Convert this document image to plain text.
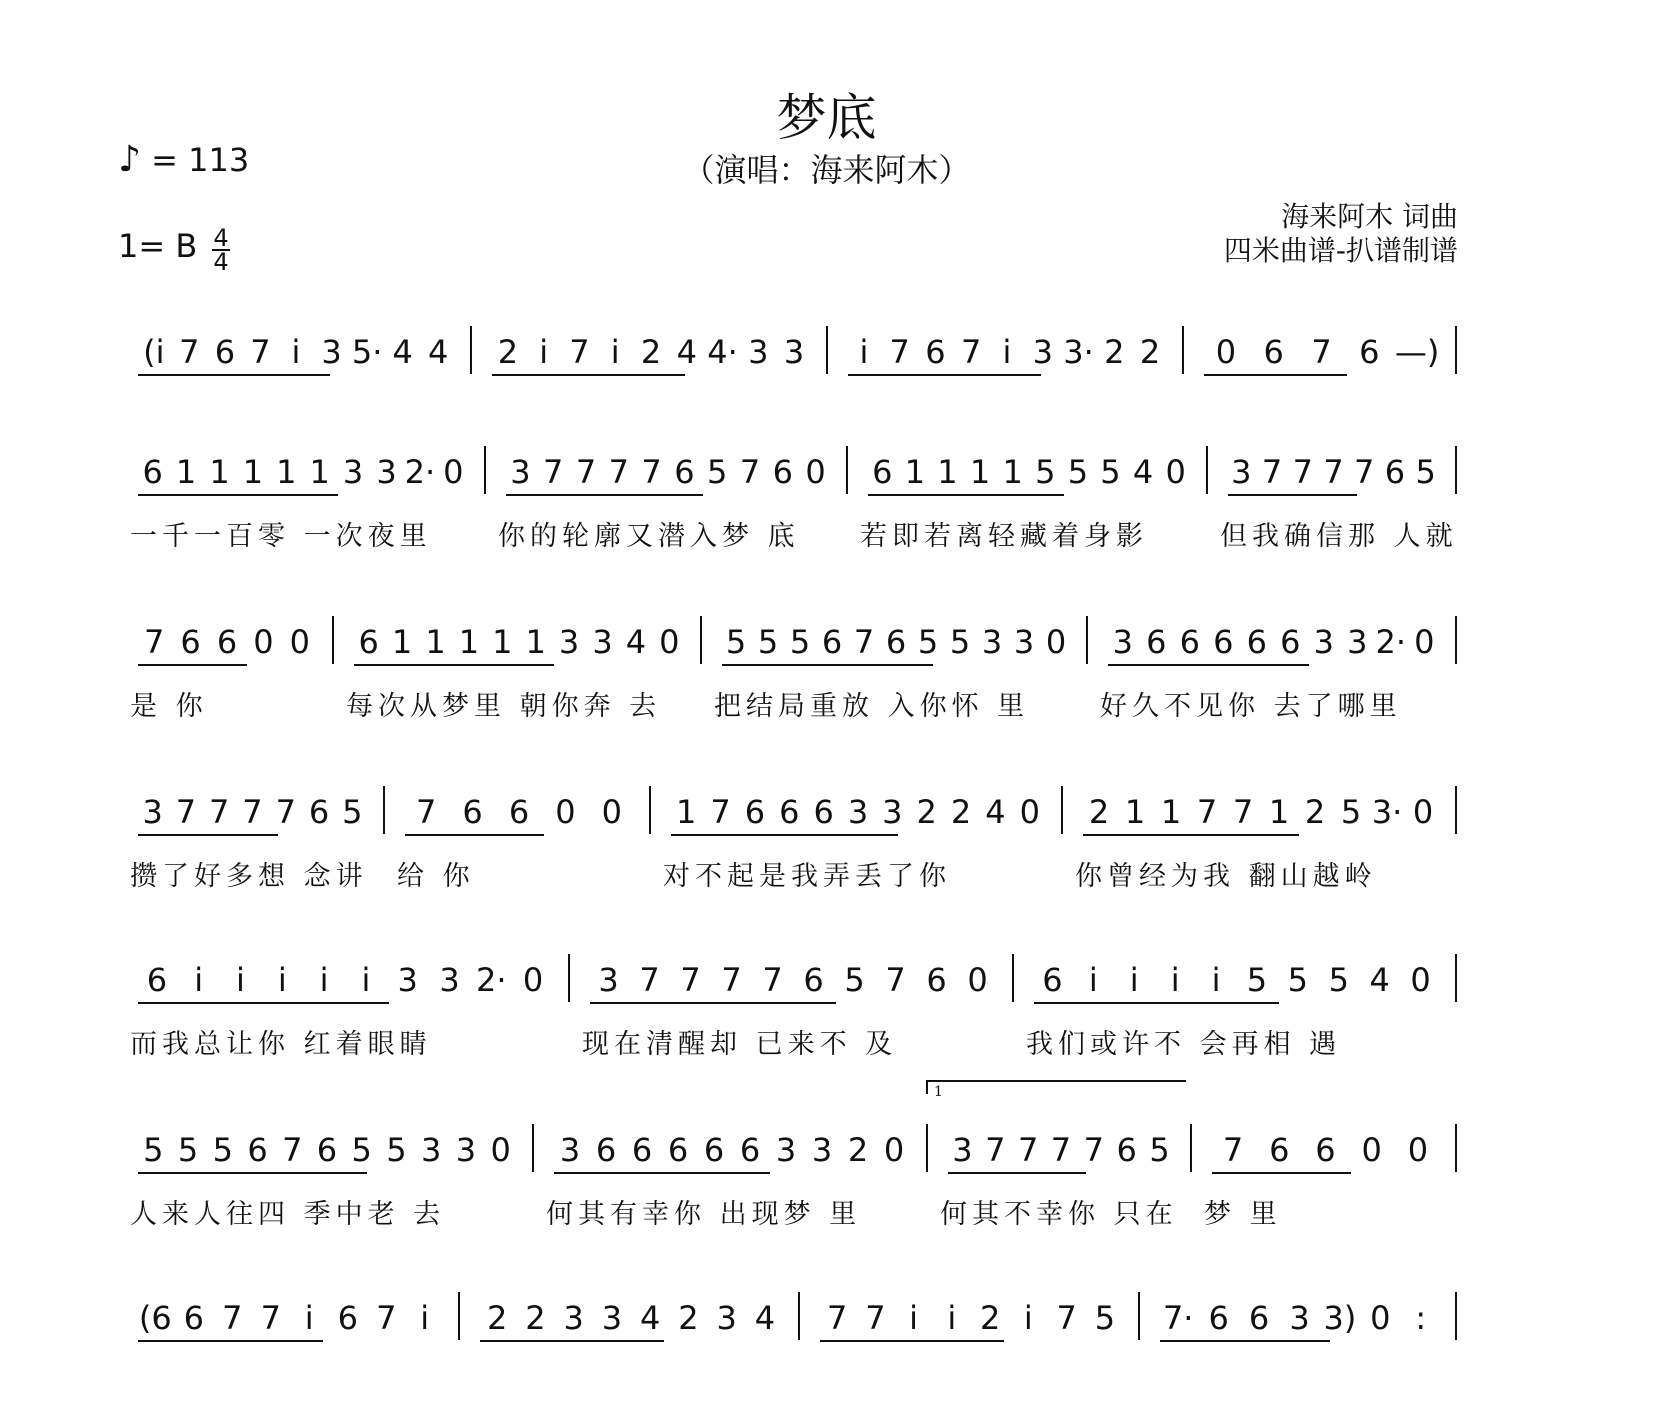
梦底
（演唱：海来阿木）
♪ = 113
1= B 4
4
海来阿木 词曲
四米曲谱-扒谱制谱
1
(i 7 6 7 i 3 5· 4 4 2 i 7 i 2 4 4· 3 3	i 7 6 7 i 3 3· 2 2	0 6 7 6 —)
6 1 1 1 1 1 3 3 2· 0
一千一百零 一次夜里
3 7 7 7 7 6 5 7 6 0
你的轮廓又潜入梦 底
6 1 1 1 1 5 5 5 4 0
若即若离轻藏着身影
3 7 7 7 7 6 5
但我确信那 人就
7 6 6 0 0
是 你
6 1 1 1 1 1 3 3 4 0
每次从梦里 朝你奔 去
5 5 5 6 7 6 5 5 3 3 0
把结局重放 入你怀 里
3 6 6 6 6 6 3 3 2· 0
好久不见你 去了哪里
3 7 7 7 7 6 5
攒了好多想 念讲
7 6 6 0 0
给 你
1 7 6 6 6 3 3 2 2 4 0
对不起是我弄丢了你
2 1 1 7 7 1 2 5 3· 0
你曾经为我 翻山越岭
6 i	i	i	i	i 3 3 2· 0
而我总让你 红着眼睛
3 7 7 7 7 6 5 7 6 0
现在清醒却 已来不 及
6 i	i	i	i 5 5 5 4 0
我们或许不 会再相 遇
5 5 5 6 7 6 5 5 3 3 0
人来人往四 季中老 去
3 6 6 6 6 6 3 3 2 0
何其有幸你 出现梦 里
3 7 7 7 7 6 5
何其不幸你 只在
7 6 6 0 0
梦 里
(6 6 7 7 i 6 7 i	2 2 3 3 4 2 3 4 7 7 i i 2 i 7 5 7· 6 6 3 3) 0 :
